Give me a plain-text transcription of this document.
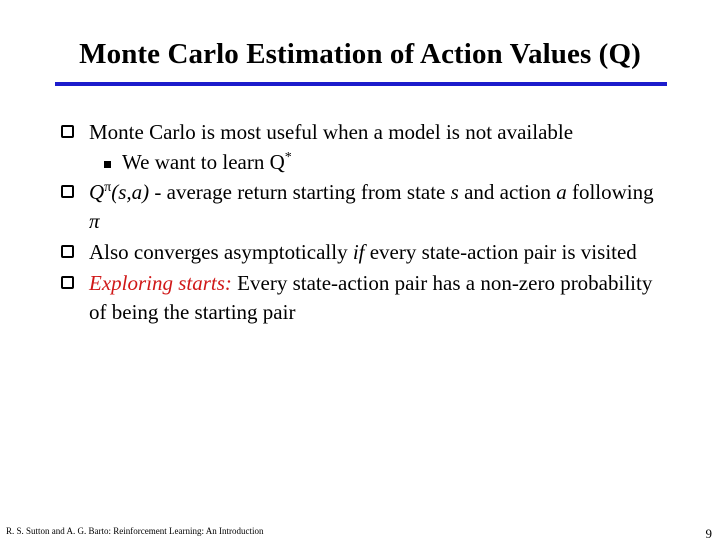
Monte Carlo Estimation of Action Values (Q)
Monte Carlo is most useful when a model is not available
We want to learn Q*
$Q^\pi(s,a)$ - average return starting from state s and action a following π
Also converges asymptotically if every state-action pair is visited
Exploring starts: Every state-action pair has a non-zero probability of being the starting pair
R. S. Sutton and A. G. Barto: Reinforcement Learning: An Introduction	9
